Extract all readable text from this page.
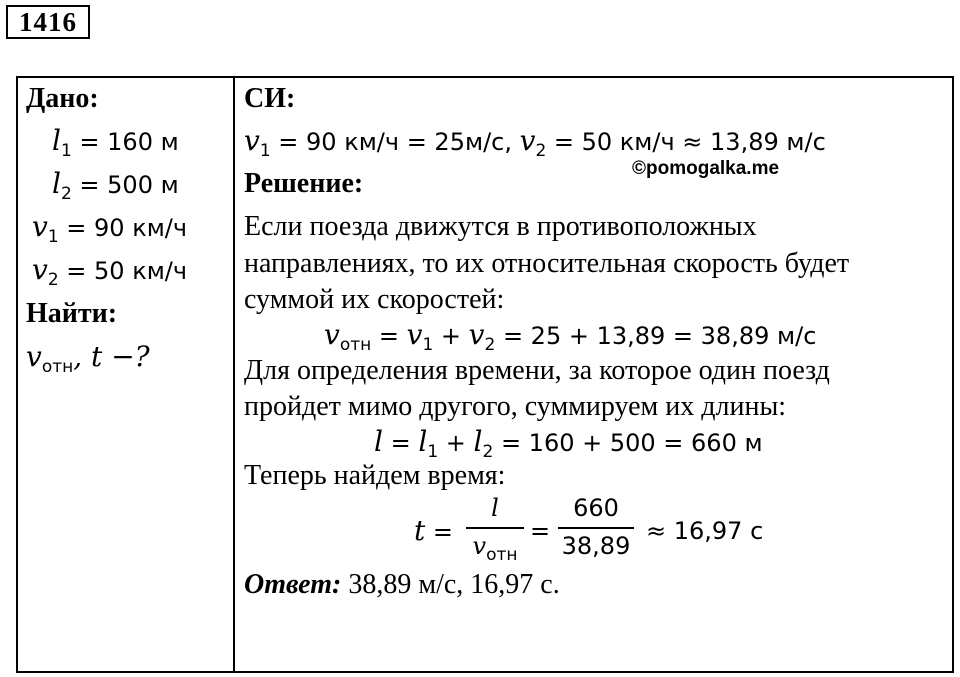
1416
Дано:
$l_1 = 160$ м
$l_2 = 500$ м
$v_1 = 90$ км/ч
$v_2 = 50$ км/ч
Найти:
$v_{отн}$, t −?
СИ:
$v_1 = 90$ км/ч = 25м/с, $v_2 = 50$ км/ч ≈ 13,89 м/с
©pomogalka.me
Решение:
Если поезда движутся в противоположных
направлениях, то их относительная скорость будет
суммой их скоростей:
$v_{отн} = v_1 + v_2 = 25 + 13,89 = 38,89$ м/с
Для определения времени, за которое один поезд
пройдет мимо другого, суммируем их длины:
$l = l_1 + l_2 = 160 + 500 = 660$ м
Теперь найдем время:
t =
l
$v_{отн}$
=
660
38,89
≈ 16,97 с
Ответ: 38,89 м/с, 16,97 с.
